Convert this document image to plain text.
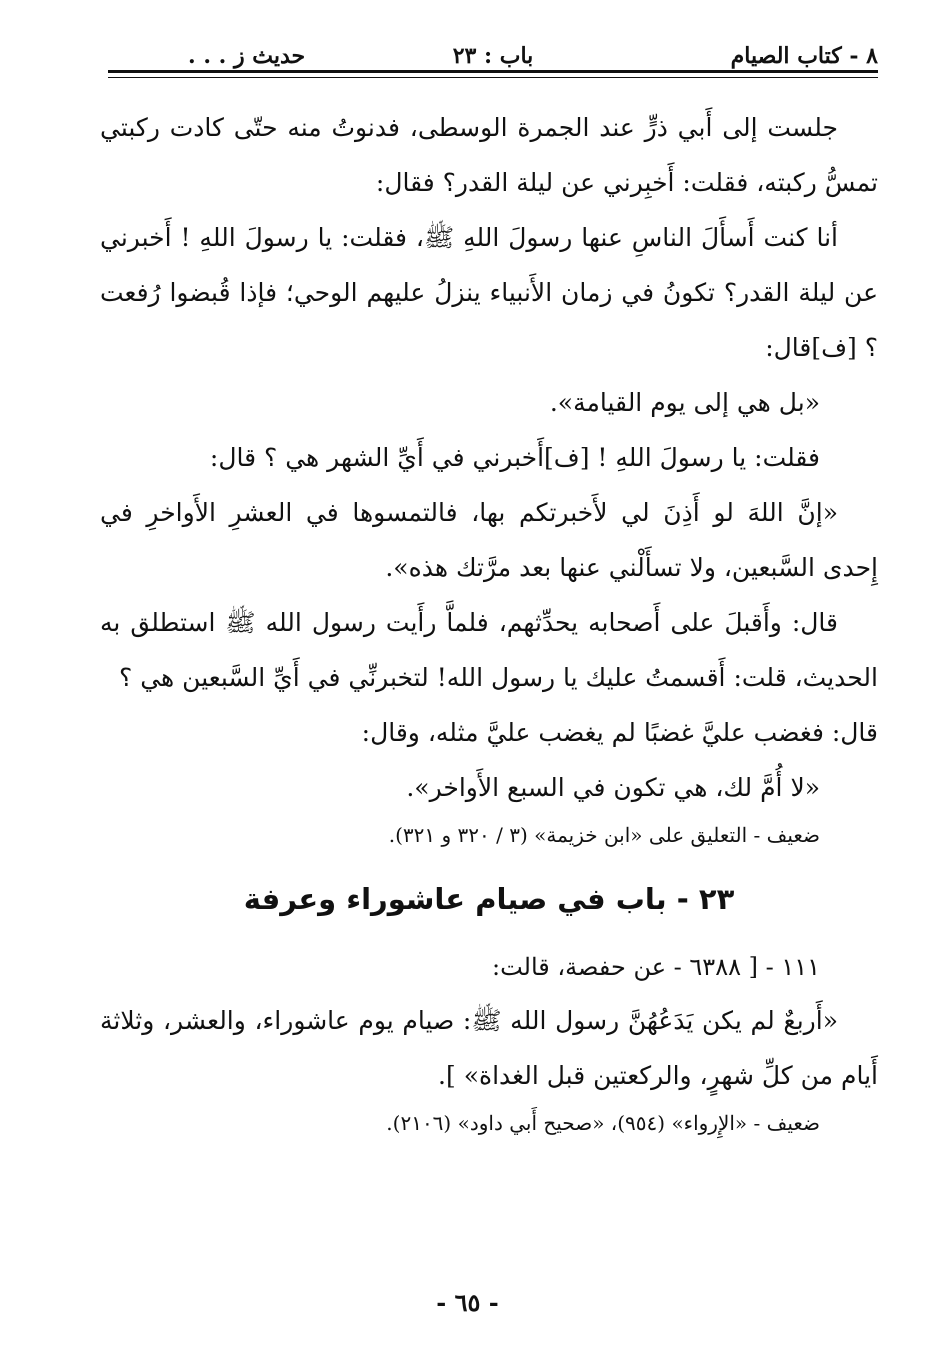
٨ - كتاب الصيام
باب : ٢٣
حديث ز . . .

جلست إلى أَبي ذرٍّ عند الجمرة الوسطى، فدنوتُ منه حتّى كادت ركبتي تمسُّ ركبته، فقلت: أَخبِرني عن ليلة القدر؟ فقال:

أنا كنت أَسأَلَ الناسِ عنها رسولَ اللهِ ﷺ، فقلت: يا رسولَ اللهِ ! أَخبرني عن ليلة القدر؟ تكونُ في زمان الأَنبياء ينزلُ عليهم الوحي؛ فإذا قُبضوا رُفعت ؟ [ف]قال:

«بل هي إلى يوم القيامة».

فقلت: يا رسولَ اللهِ ! [ف]أَخبرني في أَيِّ الشهر هي ؟ قال:

«إنَّ اللهَ لو أَذِنَ لي لأَخبرتكم بها، فالتمسوها في العشرِ الأَواخرِ في إِحدى السَّبعين، ولا تسأَلْني عنها بعد مرَّتك هذه».

قال: وأَقبلَ على أَصحابه يحدِّثهم، فلماَّ رأَيت رسول الله ﷺ استطلق به الحديث، قلت: أَقسمتُ عليك يا رسول الله! لتخبرنِّي في أَيِّ السَّبعين هي ؟

قال: فغضب عليَّ غضبًا لم يغضب عليَّ مثله، وقال:

«لا أُمَّ لك، هي تكون في السبع الأَواخر».

ضعيف - التعليق على «ابن خزيمة» (٣ / ٣٢٠ و ٣٢١).

٢٣ - باب في صيام عاشوراء وعرفة

١١١ - [ ٦٣٨٨ - عن حفصة، قالت:

«أَربعٌ لم يكن يَدَعُهُنَّ رسول الله ﷺ: صيام يوم عاشوراء، والعشر، وثلاثة أَيام من كلِّ شهرٍ، والركعتين قبل الغداة» ].

ضعيف - «الإِرواء» (٩٥٤)، «صحيح أَبي داود» (٢١٠٦).

- ٦٥ -
